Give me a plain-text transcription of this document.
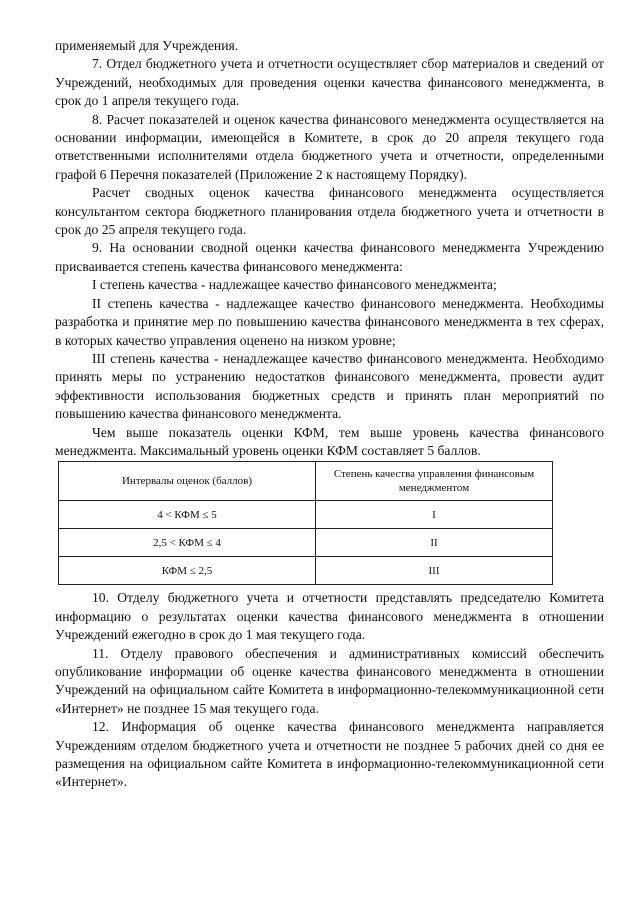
применяемый для Учреждения.

7. Отдел бюджетного учета и отчетности осуществляет сбор материалов и сведений от Учреждений, необходимых для проведения оценки качества финансового менеджмента, в срок до 1 апреля текущего года.

8. Расчет показателей и оценок качества финансового менеджмента осуществляется на основании информации, имеющейся в Комитете, в срок до 20 апреля текущего года ответственными исполнителями отдела бюджетного учета и отчетности, определенными графой 6 Перечня показателей (Приложение 2 к настоящему Порядку).

Расчет сводных оценок качества финансового менеджмента осуществляется консультантом сектора бюджетного планирования отдела бюджетного учета и отчетности в срок до 25 апреля текущего года.

9. На основании сводной оценки качества финансового менеджмента Учреждению присваивается степень качества финансового менеджмента:

I степень качества - надлежащее качество финансового менеджмента;

II степень качества - надлежащее качество финансового менеджмента. Необходимы разработка и принятие мер по повышению качества финансового менеджмента в тех сферах, в которых качество управления оценено на низком уровне;

III степень качества - ненадлежащее качество финансового менеджмента. Необходимо принять меры по устранению недостатков финансового менеджмента, провести аудит эффективности использования бюджетных средств и принять план мероприятий по повышению качества финансового менеджмента.

Чем выше показатель оценки КФМ, тем выше уровень качества финансового менеджмента. Максимальный уровень оценки КФМ составляет 5 баллов.

Интервалы оценок (баллов)	Степень качества управления финансовым менеджментом
4 < КФМ ≤ 5	I
2,5 < КФМ ≤ 4	II
КФМ ≤ 2,5	III

10. Отделу бюджетного учета и отчетности представлять председателю Комитета информацию о результатах оценки качества финансового менеджмента в отношении Учреждений ежегодно в срок до 1 мая текущего года.

11. Отделу правового обеспечения и административных комиссий обеспечить опубликование информации об оценке качества финансового менеджмента в отношении Учреждений на официальном сайте Комитета в информационно-телекоммуникационной сети «Интернет» не позднее 15 мая текущего года.

12. Информация об оценке качества финансового менеджмента направляется Учреждениям отделом бюджетного учета и отчетности не позднее 5 рабочих дней со дня ее размещения на официальном сайте Комитета в информационно-телекоммуникационной сети «Интернет».
